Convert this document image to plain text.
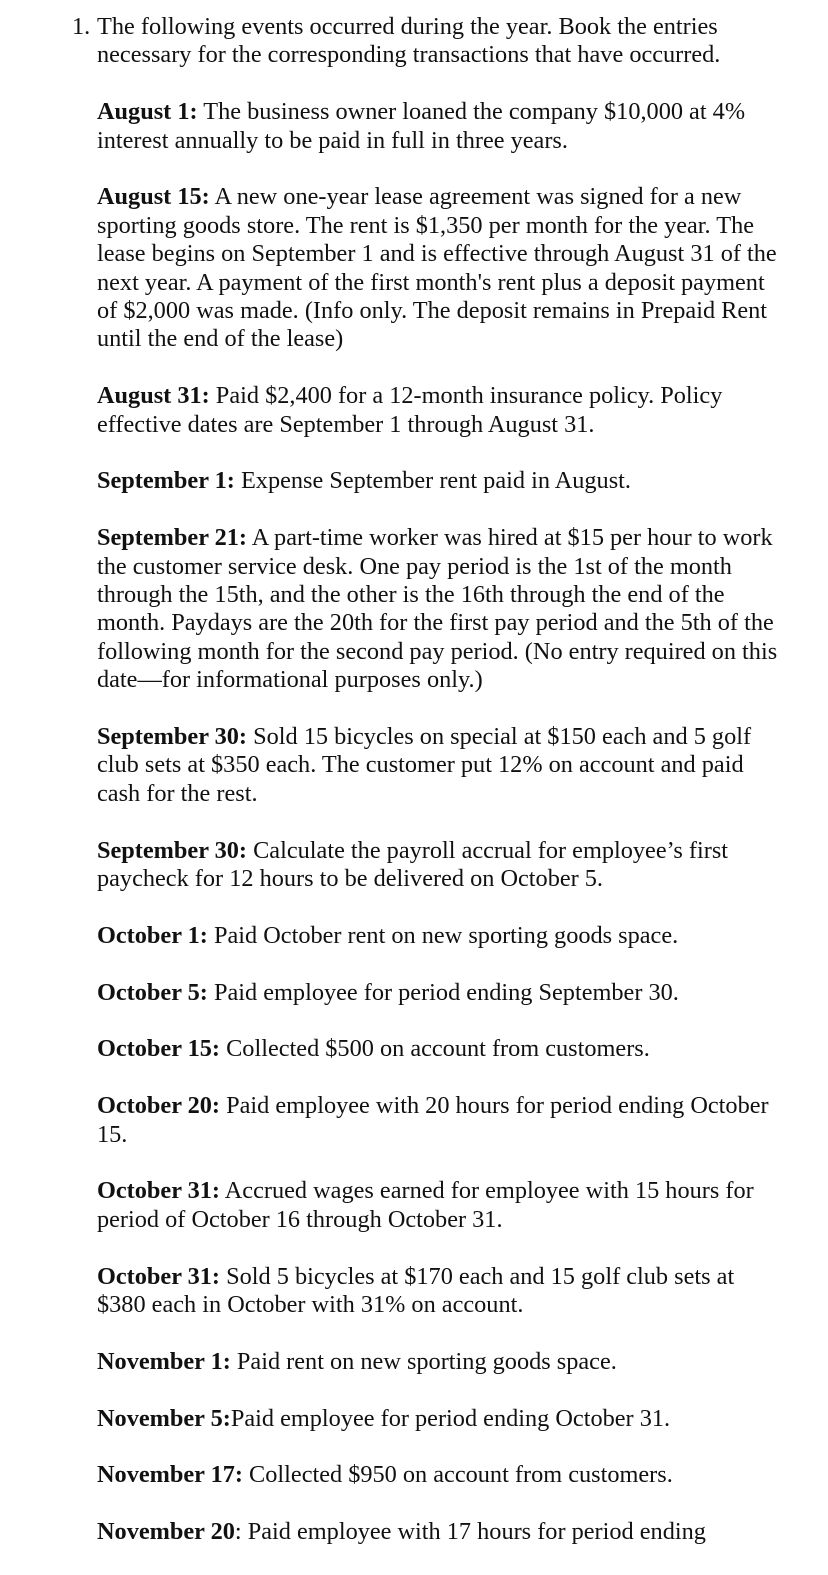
1. The following events occurred during the year. Book the entries necessary for the corresponding transactions that have occurred.
August 1: The business owner loaned the company $10,000 at 4% interest annually to be paid in full in three years.
August 15: A new one-year lease agreement was signed for a new sporting goods store. The rent is $1,350 per month for the year. The lease begins on September 1 and is effective through August 31 of the next year. A payment of the first month's rent plus a deposit payment of $2,000 was made. (Info only. The deposit remains in Prepaid Rent until the end of the lease)
August 31: Paid $2,400 for a 12-month insurance policy. Policy effective dates are September 1 through August 31.
September 1: Expense September rent paid in August.
September 21: A part-time worker was hired at $15 per hour to work the customer service desk. One pay period is the 1st of the month through the 15th, and the other is the 16th through the end of the month. Paydays are the 20th for the first pay period and the 5th of the following month for the second pay period. (No entry required on this date—for informational purposes only.)
September 30: Sold 15 bicycles on special at $150 each and 5 golf club sets at $350 each. The customer put 12% on account and paid cash for the rest.
September 30: Calculate the payroll accrual for employee’s first paycheck for 12 hours to be delivered on October 5.
October 1: Paid October rent on new sporting goods space.
October 5: Paid employee for period ending September 30.
October 15: Collected $500 on account from customers.
October 20: Paid employee with 20 hours for period ending October 15.
October 31: Accrued wages earned for employee with 15 hours for period of October 16 through October 31.
October 31: Sold 5 bicycles at $170 each and 15 golf club sets at $380 each in October with 31% on account.
November 1: Paid rent on new sporting goods space.
November 5:Paid employee for period ending October 31.
November 17: Collected $950 on account from customers.
November 20: Paid employee with 17 hours for period ending
